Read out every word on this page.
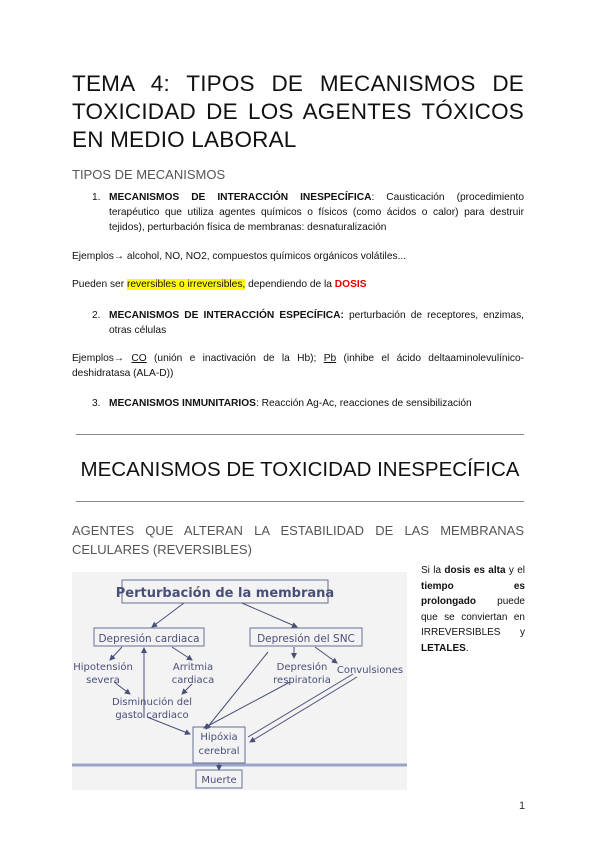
TEMA 4: TIPOS DE MECANISMOS DE TOXICIDAD DE LOS AGENTES TÓXICOS EN MEDIO LABORAL
TIPOS DE MECANISMOS
1. MECANISMOS DE INTERACCIÓN INESPECÍFICA: Causticación (procedimiento terapéutico que utiliza agentes químicos o físicos (como ácidos o calor) para destruir tejidos), perturbación física de membranas: desnaturalización
Ejemplos→ alcohol, NO, NO2, compuestos químicos orgánicos volátiles...
Pueden ser reversibles o irreversibles, dependiendo de la DOSIS
2. MECANISMOS DE INTERACCIÓN ESPECÍFICA: perturbación de receptores, enzimas, otras células
Ejemplos→ CO (unión e inactivación de la Hb); Pb (inhibe el ácido deltaaminolevulínico-deshidratasa (ALA-D))
3. MECANISMOS INMUNITARIOS: Reacción Ag-Ac, reacciones de sensibilización
MECANISMOS DE TOXICIDAD INESPECÍFICA
AGENTES QUE ALTERAN LA ESTABILIDAD DE LAS MEMBRANAS CELULARES (REVERSIBLES)
Si la dosis es alta y el tiempo es prolongado puede que se conviertan en IRREVERSIBLES y LETALES.
Perturbación de la membrana
Depresión cardiaca	Depresión del SNC
Hipotensión
severa
Arritmia
cardiaca
Disminución del
gasto cardiaco
Depresión
respiratoria
Convulsiones
Hipóxia
cerebral
Muerte
1
